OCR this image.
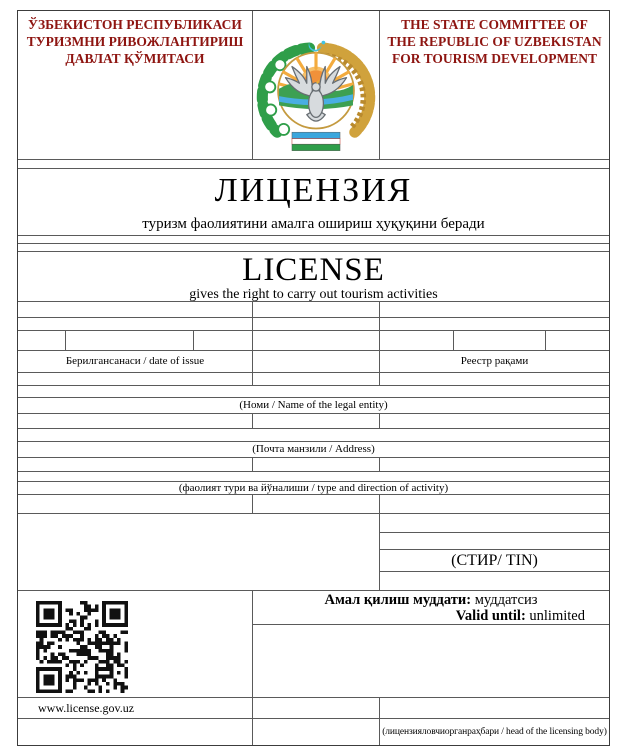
ЎЗБЕКИСТОН РЕСПУБЛИКАСИ
ТУРИЗМНИ РИВОЖЛАНТИРИШ
ДАВЛАТ ҚЎМИТАСИ
THE STATE COMMITTEE OF
THE REPUBLIC OF UZBEKISTAN
FOR TOURISM DEVELOPMENT
ЛИЦЕНЗИЯ
туризм фаолиятини амалга ошириш ҳуқуқини беради
LICENSE
gives the right to carry out tourism activities
Берилгансанаси / date of issue	Реестр рақами
(Номи / Name of the legal entity)
(Почта манзили / Address)
(фаолият тури ва йўналиши / type and direction of activity)
(СТИР/ TIN)
Амал қилиш муддати: муддатсиз
Valid until: unlimited
www.license.gov.uz
(лицензияловчиорганраҳбари / head of the licensing body)
